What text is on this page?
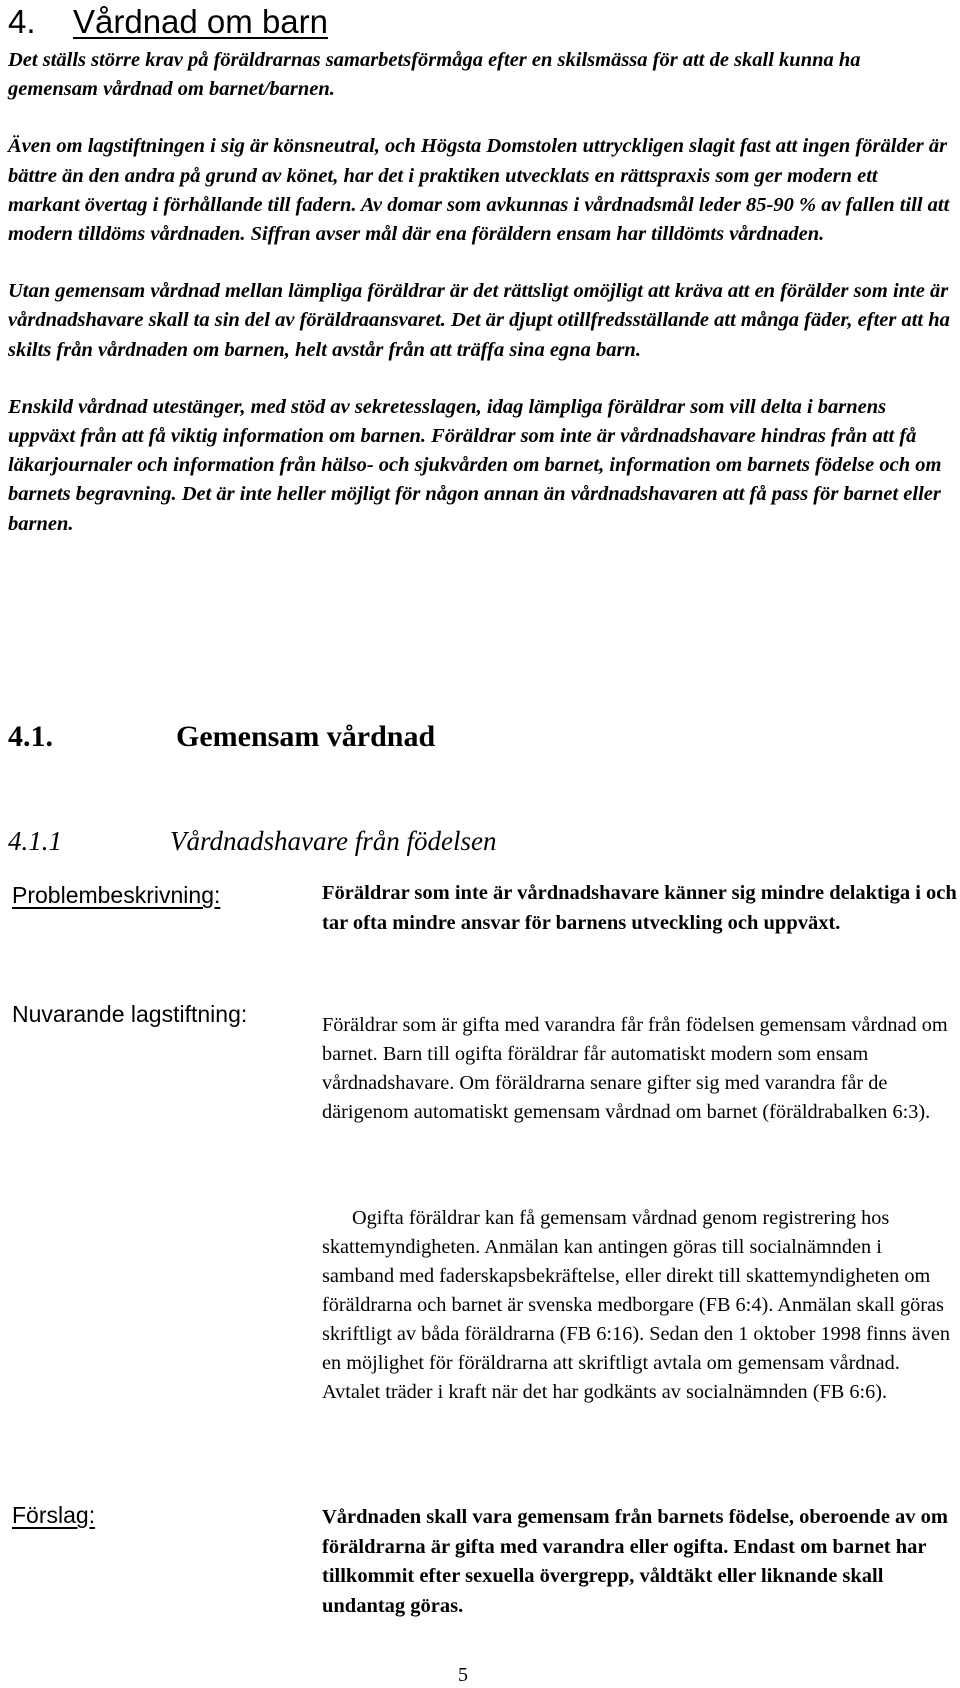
4. Vårdnad om barn

Det ställs större krav på föräldrarnas samarbetsförmåga efter en skilsmässa för att de skall kunna ha gemensam vårdnad om barnet/barnen.

Även om lagstiftningen i sig är könsneutral, och Högsta Domstolen uttryckligen slagit fast att ingen förälder är bättre än den andra på grund av könet, har det i praktiken utvecklats en rättspraxis som ger modern ett markant övertag i förhållande till fadern. Av domar som avkunnas i vårdnadsmål leder 85-90 % av fallen till att modern tilldöms vårdnaden. Siffran avser mål där ena föräldern ensam har tilldömts vårdnaden.

Utan gemensam vårdnad mellan lämpliga föräldrar är det rättsligt omöjligt att kräva att en förälder som inte är vårdnadshavare skall ta sin del av föräldraansvaret. Det är djupt otillfredsställande att många fäder, efter att ha skilts från vårdnaden om barnen, helt avstår från att träffa sina egna barn.

Enskild vårdnad utestänger, med stöd av sekretesslagen, idag lämpliga föräldrar som vill delta i barnens uppväxt från att få viktig information om barnen. Föräldrar som inte är vårdnadshavare hindras från att få läkarjournaler och information från hälso- och sjukvården om barnet, information om barnets födelse och om barnets begravning. Det är inte heller möjligt för någon annan än vårdnadshavaren att få pass för barnet eller barnen.

4.1.	Gemensam vårdnad
4.1.1	Vårdnadshavare från födelsen
Problembeskrivning:	Föräldrar som inte är vårdnadshavare känner sig mindre delaktiga i och tar ofta mindre ansvar för barnens utveckling och uppväxt.

Nuvarande lagstiftning:	Föräldrar som är gifta med varandra får från födelsen gemensam vårdnad om barnet. Barn till ogifta föräldrar får automatiskt modern som ensam vårdnadshavare. Om föräldrarna senare gifter sig med varandra får de därigenom automatiskt gemensam vårdnad om barnet (föräldrabalken 6:3).

Ogifta föräldrar kan få gemensam vårdnad genom registrering hos skattemyndigheten. Anmälan kan antingen göras till socialnämnden i samband med faderskapsbekräftelse, eller direkt till skattemyndigheten om föräldrarna och barnet är svenska medborgare (FB 6:4). Anmälan skall göras skriftligt av båda föräldrarna (FB 6:16). Sedan den 1 oktober 1998 finns även en möjlighet för föräldrarna att skriftligt avtala om gemensam vårdnad. Avtalet träder i kraft när det har godkänts av socialnämnden (FB 6:6).

Förslag:	Vårdnaden skall vara gemensam från barnets födelse, oberoende av om föräldrarna är gifta med varandra eller ogifta. Endast om barnet har tillkommit efter sexuella övergrepp, våldtäkt eller liknande skall undantag göras.

5
